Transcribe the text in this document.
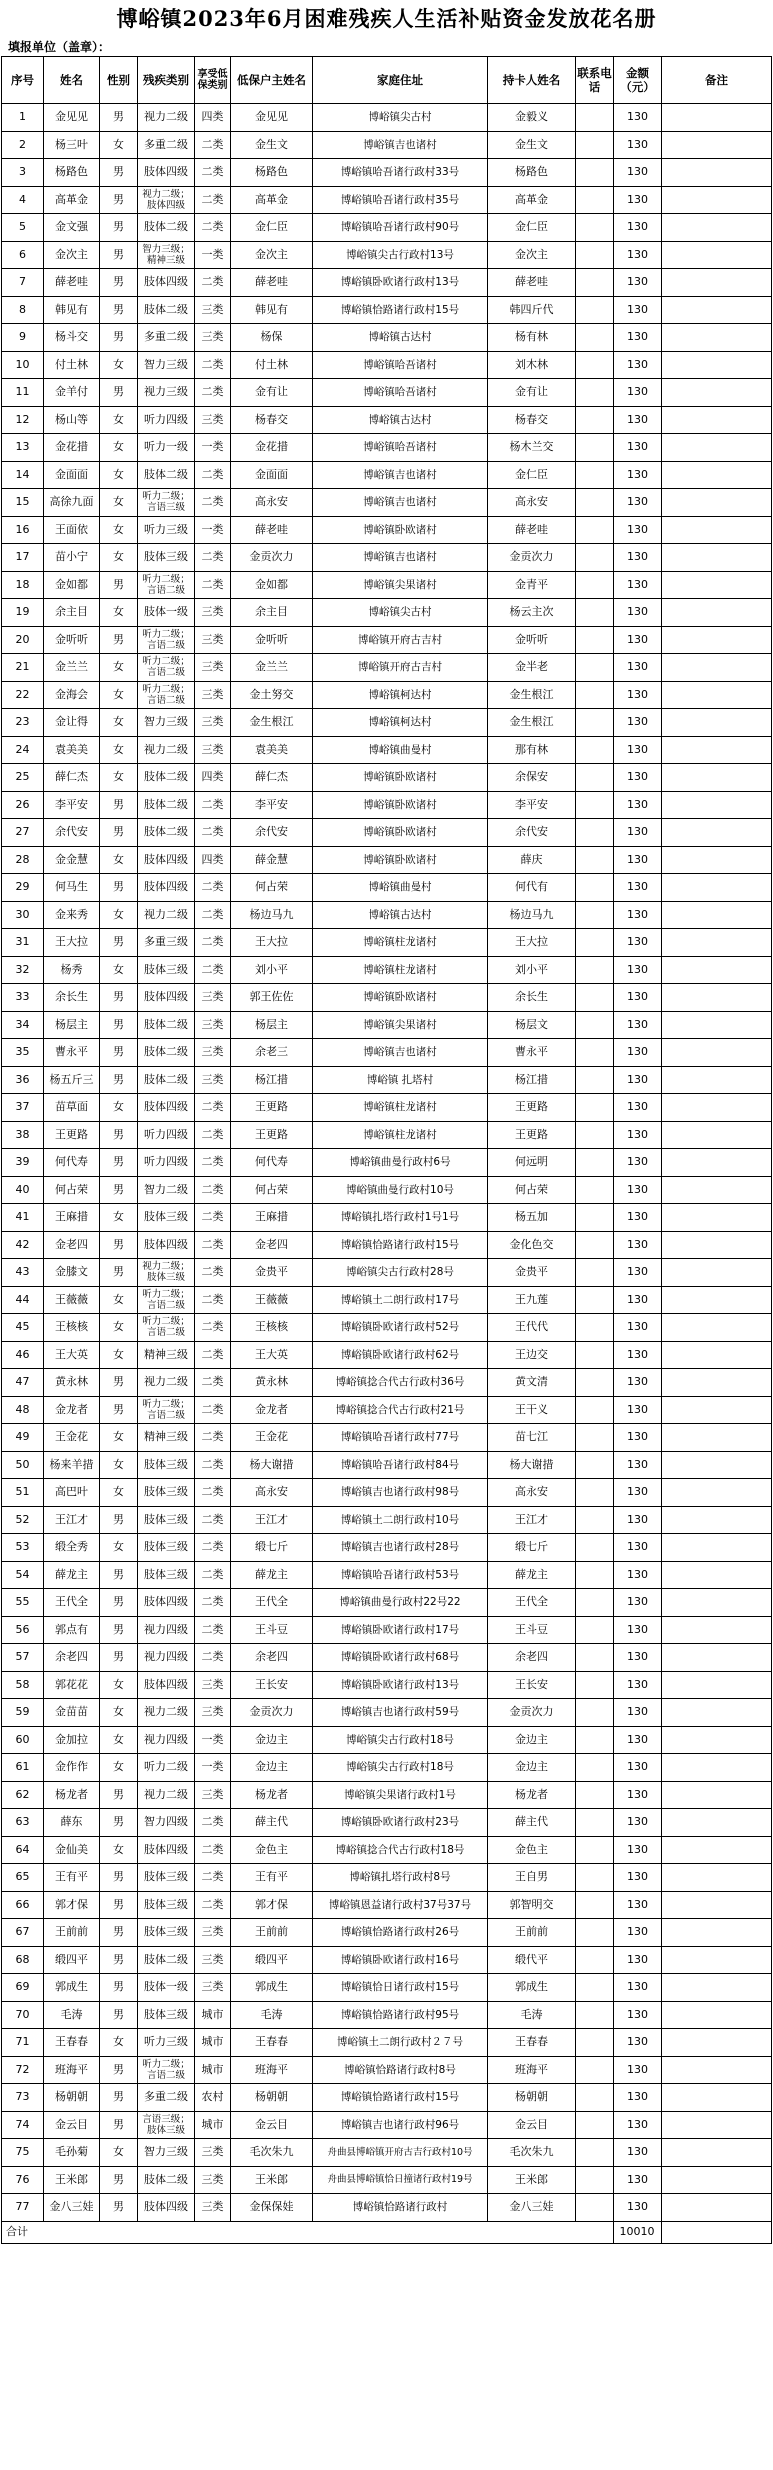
博峪镇2023年6月困难残疾人生活补贴资金发放花名册
填报单位（盖章）：
序号	姓名	性别	残疾类别	享受低保类别	低保户主姓名	家庭住址	持卡人姓名	联系电话	金额（元）	备注
1	金见见	男	视力二级	四类	金见见	博峪镇尖古村	金毅义		130	
2	杨三叶	女	多重二级	二类	金生文	博峪镇吉也诸村	金生文		130	
3	杨路色	男	肢体四级	二类	杨路色	博峪镇哈吾诸行政村33号	杨路色		130	
4	高革金	男	视力二级；肢体四级	二类	高革金	博峪镇哈吾诸行政村35号	高革金		130	
5	金文强	男	肢体二级	二类	金仁臣	博峪镇哈吾诸行政村90号	金仁臣		130	
6	金次主	男	智力三级；精神三级	一类	金次主	博峪镇尖古行政村13号	金次主		130	
7	薛老哇	男	肢体四级	二类	薛老哇	博峪镇卧欧诸行政村13号	薛老哇		130	
8	韩见有	男	肢体二级	三类	韩见有	博峪镇恰路诸行政村15号	韩四斤代		130	
9	杨斗交	男	多重二级	三类	杨保	博峪镇古达村	杨有林		130	
10	付土林	女	智力三级	二类	付土林	博峪镇哈吾诸村	刘木林		130	
11	金羊付	男	视力三级	二类	金有让	博峪镇哈吾诸村	金有让		130	
12	杨山等	女	听力四级	三类	杨春交	博峪镇古达村	杨春交		130	
13	金花措	女	听力一级	一类	金花措	博峪镇哈吾诸村	杨木兰交		130	
14	金面面	女	肢体二级	二类	金面面	博峪镇吉也诸村	金仁臣		130	
15	高徐九面	女	听力二级；言语三级	二类	高永安	博峪镇吉也诸村	高永安		130	
16	王面依	女	听力三级	一类	薛老哇	博峪镇卧欧诸村	薛老哇		130	
17	苗小宁	女	肢体三级	二类	金贡次力	博峪镇吉也诸村	金贡次力		130	
18	金如都	男	听力二级；言语二级	二类	金如都	博峪镇尖果诸村	金青平		130	
19	余主目	女	肢体一级	三类	余主目	博峪镇尖古村	杨云主次		130	
20	金听听	男	听力二级；言语二级	三类	金听听	博峪镇开府古吉村	金听听		130	
21	金兰兰	女	听力二级；言语二级	三类	金兰兰	博峪镇开府古吉村	金半老		130	
22	金海会	女	听力二级；言语二级	三类	金土努交	博峪镇柯达村	金生根江		130	
23	金让得	女	智力三级	三类	金生根江	博峪镇柯达村	金生根江		130	
24	袁美美	女	视力二级	三类	袁美美	博峪镇曲曼村	那有林		130	
25	薛仁杰	女	肢体二级	四类	薛仁杰	博峪镇卧欧诸村	余保安		130	
26	李平安	男	肢体二级	二类	李平安	博峪镇卧欧诸村	李平安		130	
27	余代安	男	肢体二级	二类	余代安	博峪镇卧欧诸村	余代安		130	
28	金金慧	女	肢体四级	四类	薛金慧	博峪镇卧欧诸村	薛庆		130	
29	何马生	男	肢体四级	二类	何占荣	博峪镇曲曼村	何代有		130	
30	金来秀	女	视力二级	二类	杨边马九	博峪镇古达村	杨边马九		130	
31	王大拉	男	多重三级	二类	王大拉	博峪镇柱龙诸村	王大拉		130	
32	杨秀	女	肢体三级	二类	刘小平	博峪镇柱龙诸村	刘小平		130	
33	余长生	男	肢体四级	三类	郭王佐佐	博峪镇卧欧诸村	余长生		130	
34	杨层主	男	肢体二级	三类	杨层主	博峪镇尖果诸村	杨层文		130	
35	曹永平	男	肢体二级	三类	余老三	博峪镇吉也诸村	曹永平		130	
36	杨五斤三	男	肢体二级	三类	杨江措	博峪镇 扎塔村	杨江措		130	
37	苗草面	女	肢体四级	二类	王更路	博峪镇柱龙诸村	王更路		130	
38	王更路	男	听力四级	二类	王更路	博峪镇柱龙诸村	王更路		130	
39	何代寿	男	听力四级	二类	何代寿	博峪镇曲曼行政村6号	何远明		130	
40	何占荣	男	智力二级	二类	何占荣	博峪镇曲曼行政村10号	何占荣		130	
41	王麻措	女	肢体三级	二类	王麻措	博峪镇扎塔行政村1号1号	杨五加		130	
42	金老四	男	肢体四级	二类	金老四	博峪镇恰路诸行政村15号	金化色交		130	
43	金膝文	男	视力二级；肢体三级	二类	金贵平	博峪镇尖古行政村28号	金贵平		130	
44	王薇薇	女	听力二级；言语二级	二类	王薇薇	博峪镇土二朗行政村17号	王九莲		130	
45	王核核	女	听力二级；言语二级	二类	王核核	博峪镇卧欧诸行政村52号	王代代		130	
46	王大英	女	精神三级	二类	王大英	博峪镇卧欧诸行政村62号	王边交		130	
47	黄永林	男	视力二级	二类	黄永林	博峪镇捻合代古行政村36号	黄文清		130	
48	金龙者	男	听力二级；言语二级	二类	金龙者	博峪镇捻合代古行政村21号	王干义		130	
49	王金花	女	精神三级	二类	王金花	博峪镇哈吾诸行政村77号	苗七江		130	
50	杨来羊措	女	肢体三级	二类	杨大谢措	博峪镇哈吾诸行政村84号	杨大谢措		130	
51	高巴叶	女	肢体三级	二类	高永安	博峪镇吉也诸行政村98号	高永安		130	
52	王江才	男	肢体三级	二类	王江才	博峪镇土二朗行政村10号	王江才		130	
53	缎全秀	女	肢体三级	二类	缎七斤	博峪镇吉也诸行政村28号	缎七斤		130	
54	薛龙主	男	肢体三级	二类	薛龙主	博峪镇哈吾诸行政村53号	薛龙主		130	
55	王代全	男	肢体四级	二类	王代全	博峪镇曲曼行政村22号22	王代全		130	
56	郭点有	男	视力四级	二类	王斗豆	博峪镇卧欧诸行政村17号	王斗豆		130	
57	余老四	男	视力四级	二类	余老四	博峪镇卧欧诸行政村68号	余老四		130	
58	郭花花	女	肢体四级	三类	王长安	博峪镇卧欧诸行政村13号	王长安		130	
59	金苗苗	女	视力二级	三类	金贡次力	博峪镇吉也诸行政村59号	金贡次力		130	
60	金加拉	女	视力四级	一类	金边主	博峪镇尖古行政村18号	金边主		130	
61	金作作	女	听力二级	一类	金边主	博峪镇尖古行政村18号	金边主		130	
62	杨龙者	男	视力二级	三类	杨龙者	博峪镇尖果诸行政村1号	杨龙者		130	
63	薛东	男	智力四级	二类	薛主代	博峪镇卧欧诸行政村23号	薛主代		130	
64	金仙美	女	肢体四级	二类	金色主	博峪镇捻合代古行政村18号	金色主		130	
65	王有平	男	肢体三级	二类	王有平	博峪镇扎塔行政村8号	王自男		130	
66	郭才保	男	肢体三级	二类	郭才保	博峪镇恩益诸行政村37号37号	郭智明交		130	
67	王前前	男	肢体三级	三类	王前前	博峪镇恰路诸行政村26号	王前前		130	
68	缎四平	男	肢体二级	三类	缎四平	博峪镇卧欧诸行政村16号	缎代平		130	
69	郭成生	男	肢体一级	三类	郭成生	博峪镇恰日诸行政村15号	郭成生		130	
70	毛涛	男	肢体三级	城市	毛涛	博峪镇恰路诸行政村95号	毛涛		130	
71	王春春	女	听力三级	城市	王春春	博峪镇土二朗行政村２７号	王春春		130	
72	班海平	男	听力二级；言语二级	城市	班海平	博峪镇恰路诸行政村8号	班海平		130	
73	杨朝朝	男	多重二级	农村	杨朝朝	博峪镇恰路诸行政村15号	杨朝朝		130	
74	金云目	男	言语三级；肢体三级	城市	金云目	博峪镇吉也诸行政村96号	金云目		130	
75	毛孙菊	女	智力三级	三类	毛次朱九	舟曲县博峪镇开府古吉行政村10号	毛次朱九		130	
76	王米郎	男	肢体二级	三类	王米郎	舟曲县博峪镇恰日撞诸行政村19号	王米郎		130	
77	金八三娃	男	肢体四级	三类	金保保娃	博峪镇恰路诸行政村	金八三娃		130	
合计									10010	
